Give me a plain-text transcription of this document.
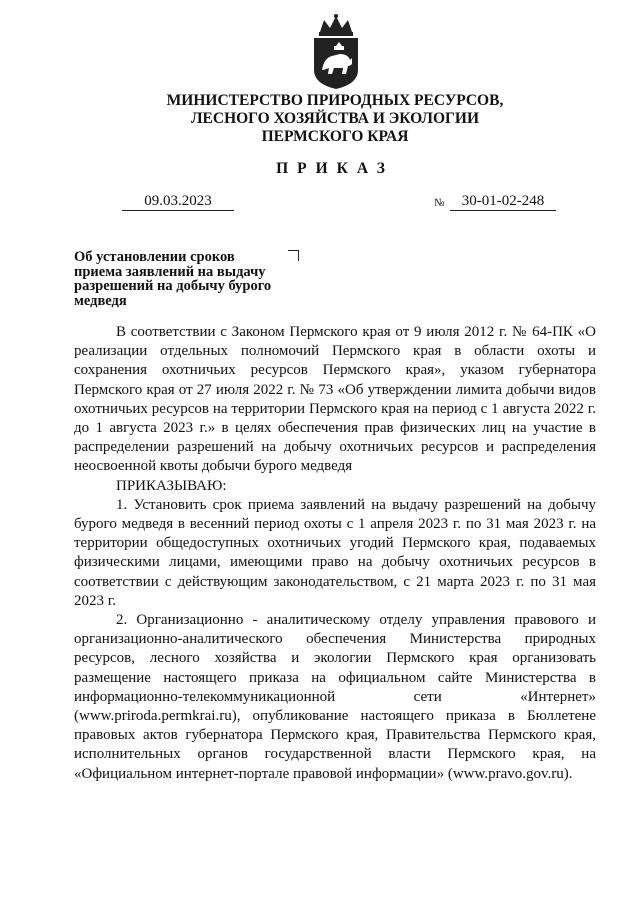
МИНИСТЕРСТВО ПРИРОДНЫХ РЕСУРСОВ,
ЛЕСНОГО ХОЗЯЙСТВА И ЭКОЛОГИИ
ПЕРМСКОГО КРАЯ
ПРИКАЗ
09.03.2023	№	30-01-02-248
Об установлении сроков
приема заявлений на выдачу
разрешений на добычу бурого
медведя

В соответствии с Законом Пермского края от 9 июля 2012 г. № 64-ПК «О реализации отдельных полномочий Пермского края в области охоты и сохранения охотничьих ресурсов Пермского края», указом губернатора Пермского края от 27 июля 2022 г. № 73 «Об утверждении лимита добычи видов охотничьих ресурсов на территории Пермского края на период с 1 августа 2022 г. до 1 августа 2023 г.» в целях обеспечения прав физических лиц на участие в распределении разрешений на добычу охотничьих ресурсов и распределения неосвоенной квоты добычи бурого медведя

ПРИКАЗЫВАЮ:

1. Установить срок приема заявлений на выдачу разрешений на добычу бурого медведя в весенний период охоты с 1 апреля 2023 г. по 31 мая 2023 г. на территории общедоступных охотничьих угодий Пермского края, подаваемых физическими лицами, имеющими право на добычу охотничьих ресурсов в соответствии с действующим законодательством, с 21 марта 2023 г. по 31 мая 2023 г.

2. Организационно - аналитическому отделу управления правового и организационно-аналитического обеспечения Министерства природных ресурсов, лесного хозяйства и экологии Пермского края организовать размещение настоящего приказа на официальном сайте Министерства в информационно-телекоммуникационной сети «Интернет» (www.priroda.permkrai.ru), опубликование настоящего приказа в Бюллетене правовых актов губернатора Пермского края, Правительства Пермского края, исполнительных органов государственной власти Пермского края, на «Официальном интернет-портале правовой информации» (www.pravo.gov.ru).
